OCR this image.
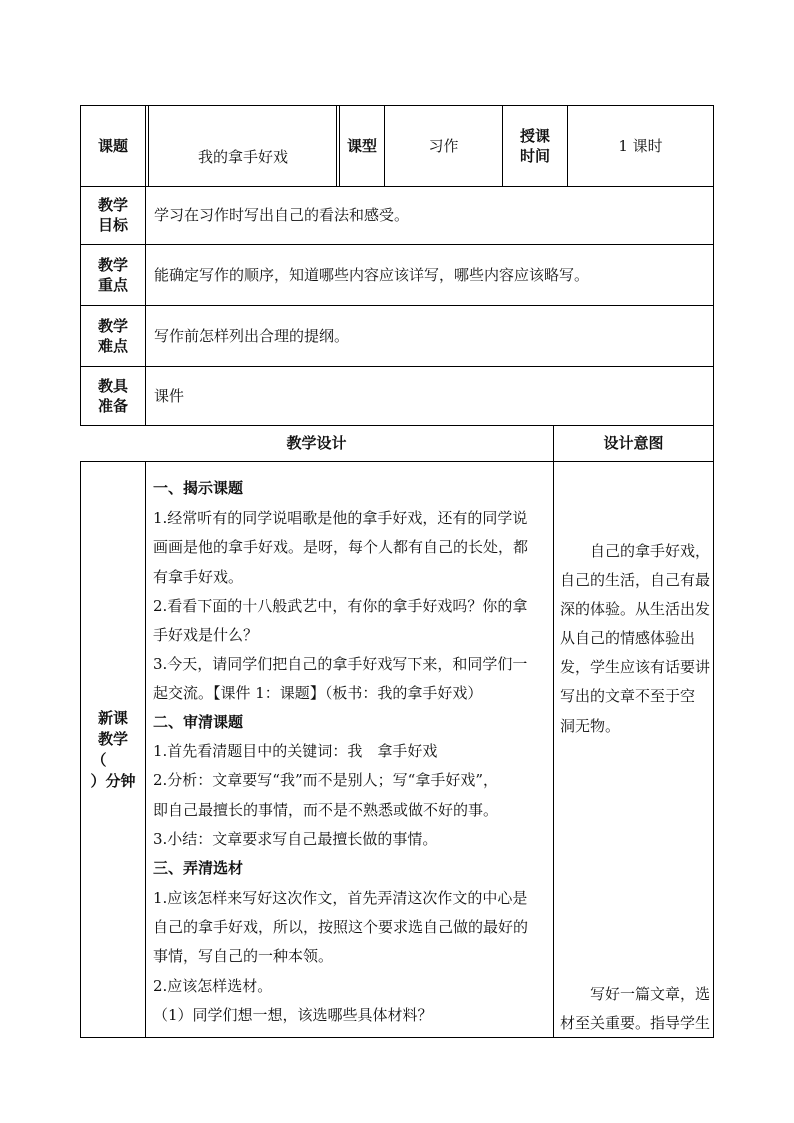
课题
我的拿手好戏
课型	习作
授课
时间
1 课时
教学
目标
学习在习作时写出自己的看法和感受。
教学
重点
能确定写作的顺序，知道哪些内容应该详写，哪些内容应该略写。
教学
难点
写作前怎样列出合理的提纲。
教具
准备
课件
教学设计	设计意图
新课
教学
（
）分钟
一、揭示课题
1.经常听有的同学说唱歌是他的拿手好戏，还有的同学说
画画是他的拿手好戏。是呀，每个人都有自己的长处，都
有拿手好戏。
2.看看下面的十八般武艺中，有你的拿手好戏吗？你的拿
手好戏是什么？
3.今天，请同学们把自己的拿手好戏写下来，和同学们一
起交流。【课件 1：课题】（板书：我的拿手好戏）
二、审清课题
1.首先看清题目中的关键词：我　拿手好戏
2.分析：文章要写“我”而不是别人；写“拿手好戏”，
即自己最擅长的事情，而不是不熟悉或做不好的事。
3.小结：文章要求写自己最擅长做的事情。
三、弄清选材
1.应该怎样来写好这次作文，首先弄清这次作文的中心是
自己的拿手好戏，所以，按照这个要求选自己做的最好的
事情，写自己的一种本领。
2.应该怎样选材。
（1）同学们想一想，该选哪些具体材料？
　　自己的拿手好戏，
自己的生活，自己有最
深的体验。从生活出发
从自己的情感体验出
发，学生应该有话要讲
写出的文章不至于空
洞无物。
　　写好一篇文章，选
材至关重要。指导学生
